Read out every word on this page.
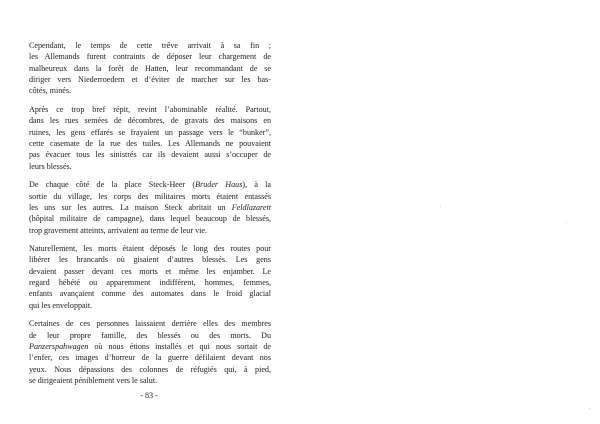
Cependant, le temps de cette trêve arrivait à sa fin ;
les Allemands furent contraints de déposer leur chargement de
malheureux dans la forêt de Hatten, leur recommandant de se
diriger vers Niederroedern et d’éviter de marcher sur les bas-
côtés, minés.

Après ce trop bref répit, revint l’abominable réalité. Partout,
dans les rues semées de décombres, de gravats des maisons en
ruines, les gens effarés se frayaient un passage vers le “bunker”,
cette casemate de la rue des tuiles. Les Allemands ne pouvaient
pas évacuer tous les sinistrés car ils devaient aussi s’occuper de
leurs blessés.

De chaque côté de la place Steck-Heer (Bruder Haus), à la
sortie du village, les corps des militaires morts étaient entassés
les uns sur les autres. La maison Steck abritait un Feldlazarett
(hôpital militaire de campagne), dans lequel beaucoup de blessés,
trop gravement atteints, arrivaient au terme de leur vie.

Naturellement, les morts étaient déposés le long des routes pour
libérer les brancards où gisaient d’autres blessés. Les gens
devaient passer devant ces morts et même les enjamber. Le
regard hébété ou apparemment indifférent, hommes, femmes,
enfants avançaient comme des automates dans le froid glacial
qui les enveloppait.

Certaines de ces personnes laissaient derrière elles des membres
de leur propre famille, des blessés ou des morts. Du
Panzerspahwagen où nous étions installés et qui nous sortait de
l’enfer, ces images d’horreur de la guerre défilaient devant nos
yeux. Nous dépassions des colonnes de réfugiés qui, à pied,
se dirigeaient péniblement vers le salut.

- 83 -
